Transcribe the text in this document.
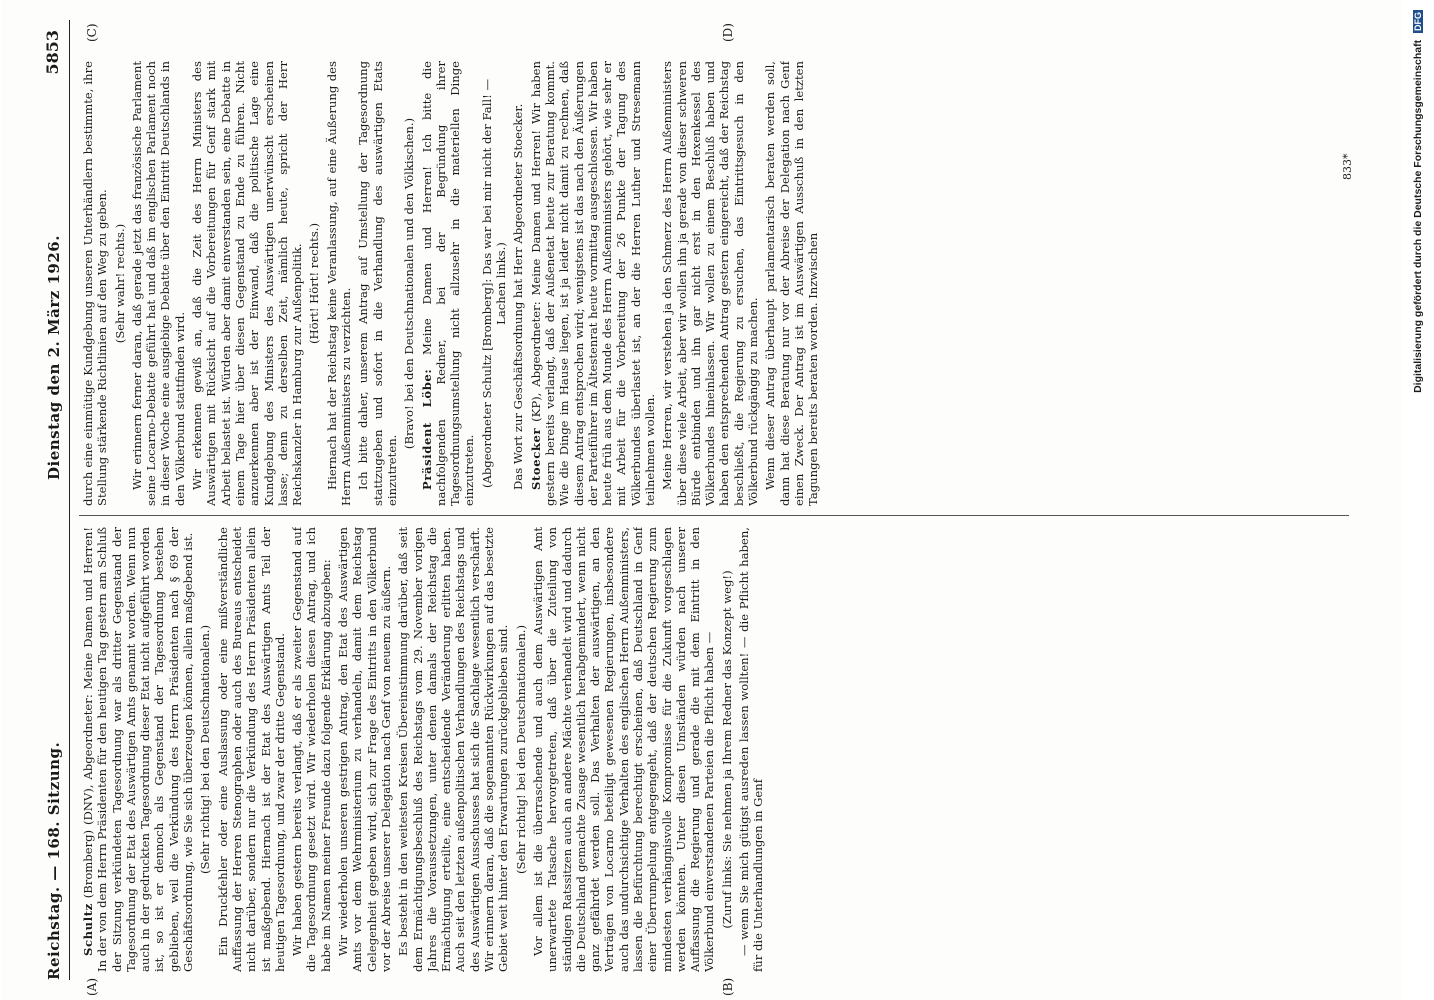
Reichstag. — 168. Sitzung.
Dienstag den 2. März 1926.
5853
(A)	(B)
(C)	(D)

Schultz (Bromberg) (DNV), Abgeordneter: Meine Damen und Herren! In der von dem Herrn Präsidenten für den heutigen Tag gestern am Schluß der Sitzung verkündeten Tagesordnung war als dritter Gegenstand der Tagesordnung der Etat des Auswärtigen Amts genannt worden. Wenn nun auch in der gedruckten Tagesordnung dieser Etat nicht aufgeführt worden ist, so ist er dennoch als Gegenstand der Tagesordnung bestehen geblieben, weil die Verkündung des Herrn Präsidenten nach § 69 der Geschäftsordnung, wie Sie sich überzeugen können, allein maßgebend ist. (Sehr richtig! bei den Deutschnationalen.) Ein Druckfehler oder eine Auslassung oder eine mißverständliche Auffassung der Herren Stenographen oder auch des Bureaus entscheidet nicht darüber, sondern nur die Verkündung des Herrn Präsidenten allein ist maßgebend. Hiernach ist der Etat des Auswärtigen Amts Teil der heutigen Tagesordnung, und zwar der dritte Gegenstand. Wir haben gestern bereits verlangt, daß er als zweiter Gegenstand auf die Tagesordnung gesetzt wird. Wir wiederholen diesen Antrag, und ich habe im Namen meiner Freunde dazu folgende Erklärung abzugeben: Wir wiederholen unseren gestrigen Antrag, den Etat des Auswärtigen Amts vor dem Wehrministerium zu verhandeln, damit dem Reichstag Gelegenheit gegeben wird, sich zur Frage des Eintritts in den Völkerbund vor der Abreise unserer Delegation nach Genf von neuem zu äußern. Es besteht in den weitesten Kreisen Übereinstimmung darüber, daß seit dem Ermächtigungsbeschluß des Reichstags vom 29. November vorigen Jahres die Voraussetzungen, unter denen damals der Reichstag die Ermächtigung erteilte, eine entscheidende Veränderung erlitten haben. Auch seit den letzten außenpolitischen Verhandlungen des Reichstags und des Auswärtigen Ausschusses hat sich die Sachlage wesentlich verschärft. Wir erinnern daran, daß die sogenannten Rückwirkungen auf das besetzte Gebiet weit hinter den Erwartungen zurückgeblieben sind. (Sehr richtig! bei den Deutschnationalen.) Vor allem ist die überraschende und auch dem Auswärtigen Amt unerwartete Tatsache hervorgetreten, daß über die Zuteilung von ständigen Ratssitzen auch an andere Mächte verhandelt wird und dadurch die Deutschland gemachte Zusage wesentlich herabgemindert, wenn nicht ganz gefährdet werden soll. Das Verhalten der auswärtigen, an den Verträgen von Locarno beteiligt gewesenen Regierungen, insbesondere auch das undurchsichtige Verhalten des englischen Herrn Außenministers, lassen die Befürchtung berechtigt erscheinen, daß Deutschland in Genf einer Überrumpelung entgegengeht, daß der deutschen Regierung zum mindesten verhängnisvolle Kompromisse für die Zukunft vorgeschlagen werden könnten. Unter diesen Umständen würden nach unserer Auffassung die Regierung und gerade die mit dem Eintritt in den Völkerbund einverstandenen Parteien die Pflicht haben — (Zuruf links: Sie nehmen ja Ihrem Redner das Konzept weg!) — wenn Sie mich gütigst ausreden lassen wollten! — die Pflicht haben, für die Unterhandlungen in Genf

durch eine einmütige Kundgebung unseren Unterhändlern bestimmte, ihre Stellung stärkende Richtlinien auf den Weg zu geben. (Sehr wahr! rechts.) Wir erinnern ferner daran, daß gerade jetzt das französische Parlament seine Locarno-Debatte geführt hat und daß im englischen Parlament noch in dieser Woche eine ausgiebige Debatte über den Eintritt Deutschlands in den Völkerbund stattfinden wird. Wir erkennen gewiß an, daß die Zeit des Herrn Ministers des Auswärtigen mit Rücksicht auf die Vorbereitungen für Genf stark mit Arbeit belastet ist. Würden aber damit einverstanden sein, eine Debatte in einem Tage hier über diesen Gegenstand zu Ende zu führen. Nicht anzuerkennen aber ist der Einwand, daß die politische Lage eine Kundgebung des Ministers des Auswärtigen unerwünscht erscheinen lasse; denn zu derselben Zeit, nämlich heute, spricht der Herr Reichskanzler in Hamburg zur Außenpolitik. (Hört! Hört! rechts.) Hiernach hat der Reichstag keine Veranlassung, auf eine Äußerung des Herrn Außenministers zu verzichten. Ich bitte daher, unserem Antrag auf Umstellung der Tagesordnung stattzugeben und sofort in die Verhandlung des auswärtigen Etats einzutreten.

(Bravo! bei den Deutschnationalen und den Völkischen.) Präsident Löbe: Meine Damen und Herren! Ich bitte die nachfolgenden Redner, bei der Begründung ihrer Tagesordnungsumstellung nicht allzusehr in die materiellen Dinge einzutreten. (Abgeordneter Schultz [Bromberg]: Das war bei mir nicht der Fall! — Lachen links.) Das Wort zur Geschäftsordnung hat Herr Abgeordneter Stoecker. Stoecker (KP), Abgeordneter: Meine Damen und Herren! Wir haben gestern bereits verlangt, daß der Außenetat heute zur Beratung kommt. Wie die Dinge im Hause liegen, ist ja leider nicht damit zu rechnen, daß diesem Antrag entsprochen wird; wenigstens ist das nach den Äußerungen der Parteiführer im Ältestenrat heute vormittag ausgeschlossen. Wir haben heute früh aus dem Munde des Herrn Außenministers gehört, wie sehr er mit Arbeit für die Vorbereitung der 26 Punkte der Tagung des Völkerbundes überlastet ist, an der die Herren Luther und Stresemann teilnehmen wollen. Meine Herren, wir verstehen ja den Schmerz des Herrn Außenministers über diese viele Arbeit, aber wir wollen ihn ja gerade von dieser schweren Bürde entbinden und ihn gar nicht erst in den Hexenkessel des Völkerbundes hineinlassen. Wir wollen zu einem Beschluß haben und haben den entsprechenden Antrag gestern eingereicht, daß der Reichstag beschließt, die Regierung zu ersuchen, das Eintrittsgesuch in den Völkerbund rückgängig zu machen. Wenn dieser Antrag überhaupt parlamentarisch beraten werden soll, dann hat diese Beratung nur vor der Abreise der Delegation nach Genf einen Zweck. Der Antrag ist im Auswärtigen Ausschuß in den letzten Tagungen bereits beraten worden. Inzwischen

833*	Digitalisierung gefördert durch die Deutsche Forschungsgemeinschaft DFG
